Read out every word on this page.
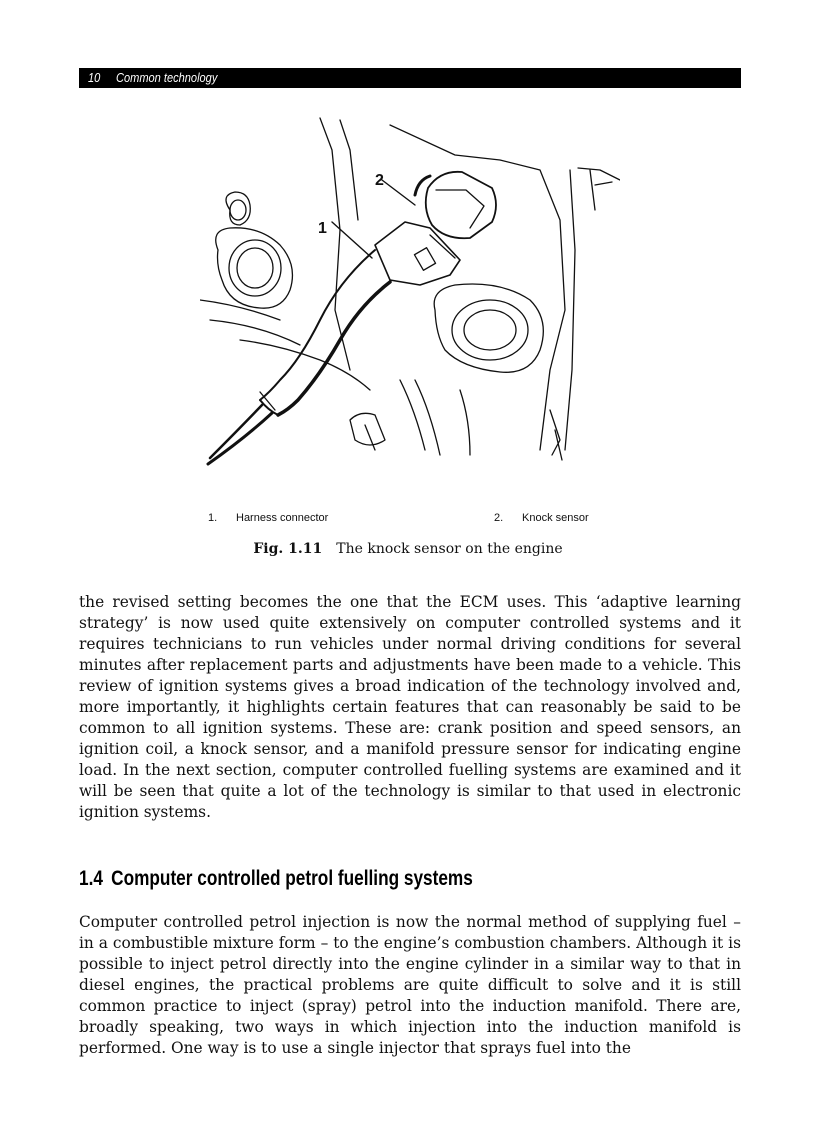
10 Common technology
2
1
1. Harness connector	2. Knock sensor
Fig. 1.11 The knock sensor on the engine

the revised setting becomes the one that the ECM uses. This ‘adaptive learning strategy’ is now used quite extensively on computer controlled systems and it requires technicians to run vehicles under normal driving conditions for several minutes after replacement parts and adjustments have been made to a vehicle. This review of ignition systems gives a broad indication of the technology involved and, more importantly, it highlights certain features that can reasonably be said to be common to all ignition systems. These are: crank position and speed sensors, an ignition coil, a knock sensor, and a manifold pressure sensor for indicating engine load. In the next section, computer controlled fuelling systems are examined and it will be seen that quite a lot of the technology is similar to that used in electronic ignition systems.

1.4 Computer controlled petrol fuelling systems

Computer controlled petrol injection is now the normal method of supplying fuel – in a combustible mixture form – to the engine’s combustion chambers. Although it is possible to inject petrol directly into the engine cylinder in a similar way to that in diesel engines, the practical problems are quite difficult to solve and it is still common practice to inject (spray) petrol into the induction manifold. There are, broadly speaking, two ways in which injection into the induction manifold is performed. One way is to use a single injector that sprays fuel into the
